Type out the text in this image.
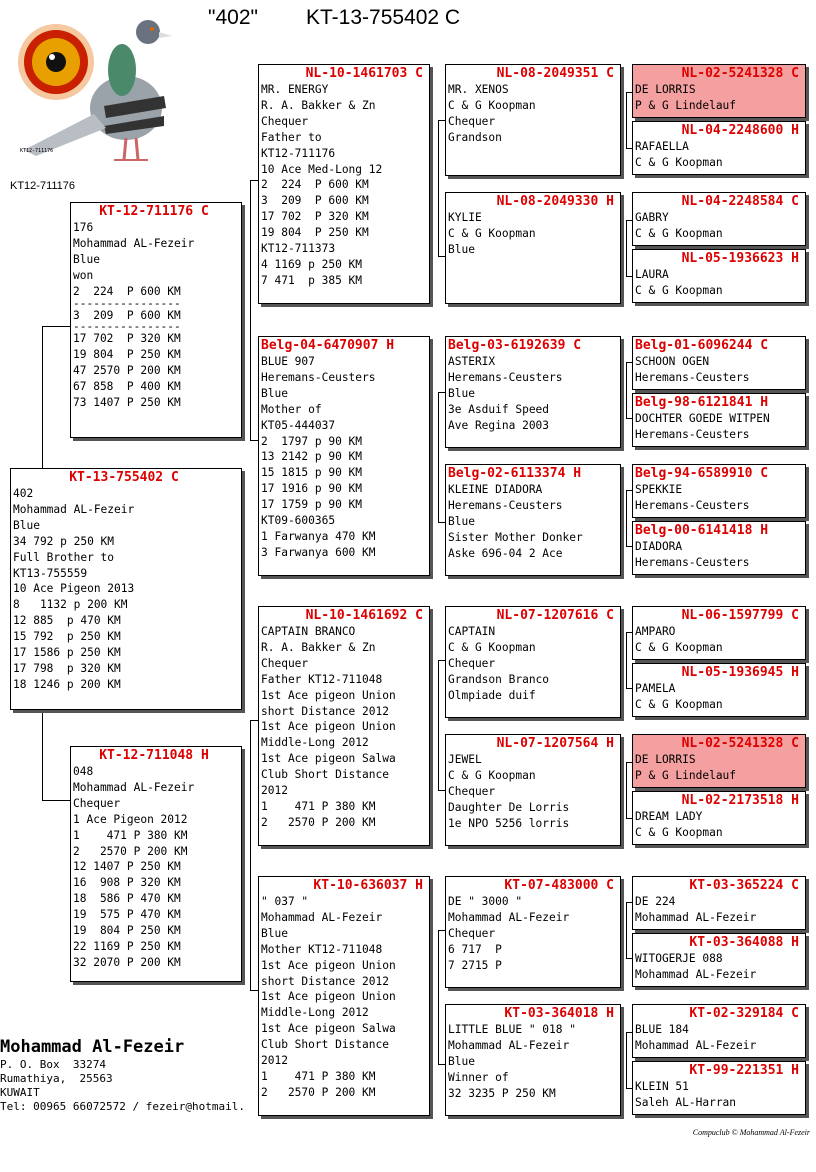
"402" KT-13-755402 C
KT12-711176
KT12-711176
KT-13-755402 C
402
Mohammad AL-Fezeir
Blue
34 792 p 250 KM
Full Brother to
KT13-755559
10 Ace Pigeon 2013
8   1132 p 200 KM
12 885  p 470 KM
15 792  p 250 KM
17 1586 p 250 KM
17 798  p 320 KM
18 1246 p 200 KM
KT-12-711176 C
176
Mohammad AL-Fezeir
Blue
won
2  224  P 600 KM
----------------
3  209  P 600 KM
----------------
17 702  P 320 KM
19 804  P 250 KM
47 2570 P 200 KM
67 858  P 400 KM
73 1407 P 250 KM
KT-12-711048 H
048
Mohammad AL-Fezeir
Chequer
1 Ace Pigeon 2012
1    471 P 380 KM
2   2570 P 200 KM
12 1407 P 250 KM
16  908 P 320 KM
18  586 P 470 KM
19  575 P 470 KM
19  804 P 250 KM
22 1169 P 250 KM
32 2070 P 200 KM
NL-10-1461703 C
MR. ENERGY
R. A. Bakker & Zn
Chequer
Father to
KT12-711176
10 Ace Med-Long 12
2  224  P 600 KM
3  209  P 600 KM
17 702  P 320 KM
19 804  P 250 KM
KT12-711373
4 1169 p 250 KM
7 471  p 385 KM
Belg-04-6470907 H
BLUE 907
Heremans-Ceusters
Blue
Mother of
KT05-444037
2  1797 p 90 KM
13 2142 p 90 KM
15 1815 p 90 KM
17 1916 p 90 KM
17 1759 p 90 KM
KT09-600365
1 Farwanya 470 KM
3 Farwanya 600 KM
NL-10-1461692 C
CAPTAIN BRANCO
R. A. Bakker & Zn
Chequer
Father KT12-711048
1st Ace pigeon Union
short Distance 2012
1st Ace pigeon Union
Middle-Long 2012
1st Ace pigeon Salwa
Club Short Distance
2012
1    471 P 380 KM
2   2570 P 200 KM
KT-10-636037 H
" 037 "
Mohammad AL-Fezeir
Blue
Mother KT12-711048
1st Ace pigeon Union
short Distance 2012
1st Ace pigeon Union
Middle-Long 2012
1st Ace pigeon Salwa
Club Short Distance
2012
1    471 P 380 KM
2   2570 P 200 KM
NL-08-2049351 C
MR. XENOS
C & G Koopman
Chequer
Grandson
NL-08-2049330 H
KYLIE
C & G Koopman
Blue
Belg-03-6192639 C
ASTERIX
Heremans-Ceusters
Blue
3e Asduif Speed
Ave Regina 2003
Belg-02-6113374 H
KLEINE DIADORA
Heremans-Ceusters
Blue
Sister Mother Donker
Aske 696-04 2 Ace
NL-07-1207616 C
CAPTAIN
C & G Koopman
Chequer
Grandson Branco
Olmpiade duif
NL-07-1207564 H
JEWEL
C & G Koopman
Chequer
Daughter De Lorris
1e NPO 5256 lorris
KT-07-483000 C
DE " 3000 "
Mohammad AL-Fezeir
Chequer
6 717  P
7 2715 P
KT-03-364018 H
LITTLE BLUE " 018 "
Mohammad AL-Fezeir
Blue
Winner of
32 3235 P 250 KM
NL-02-5241328 C
DE LORRIS
P & G Lindelauf
NL-04-2248600 H
RAFAELLA
C & G Koopman
NL-04-2248584 C
GABRY
C & G Koopman
NL-05-1936623 H
LAURA
C & G Koopman
Belg-01-6096244 C
SCHOON OGEN
Heremans-Ceusters
Belg-98-6121841 H
DOCHTER GOEDE WITPEN
Heremans-Ceusters
Belg-94-6589910 C
SPEKKIE
Heremans-Ceusters
Belg-00-6141418 H
DIADORA
Heremans-Ceusters
NL-06-1597799 C
AMPARO
C & G Koopman
NL-05-1936945 H
PAMELA
C & G Koopman
NL-02-5241328 C
DE LORRIS
P & G Lindelauf
NL-02-2173518 H
DREAM LADY
C & G Koopman
KT-03-365224 C
DE 224
Mohammad AL-Fezeir
KT-03-364088 H
WITOGERJE 088
Mohammad AL-Fezeir
KT-02-329184 C
BLUE 184
Mohammad AL-Fezeir
KT-99-221351 H
KLEIN 51
Saleh AL-Harran
Mohammad Al-Fezeir
P. O. Box  33274
Rumathiya,  25563
KUWAIT
Tel: 00965 66072572 / fezeir@hotmail.
Compuclub © Mohammad Al-Fezeir
